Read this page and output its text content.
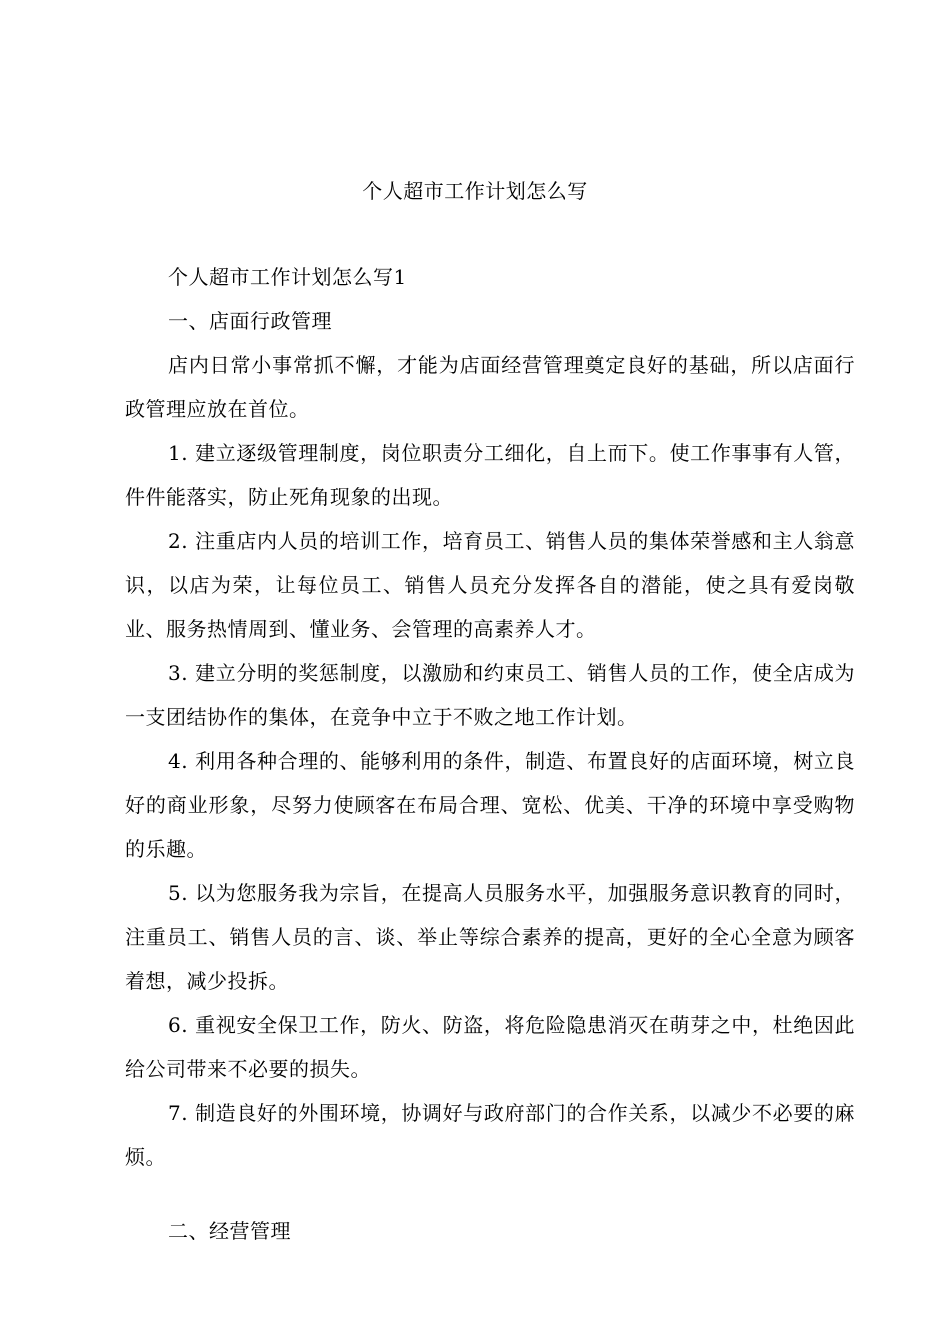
个人超市工作计划怎么写

个人超市工作计划怎么写1

一、店面行政管理

店内日常小事常抓不懈，才能为店面经营管理奠定良好的基础，所以店面行政管理应放在首位。

1. 建立逐级管理制度，岗位职责分工细化，自上而下。使工作事事有人管，件件能落实，防止死角现象的出现。

2. 注重店内人员的培训工作，培育员工、销售人员的集体荣誉感和主人翁意识，以店为荣，让每位员工、销售人员充分发挥各自的潜能，使之具有爱岗敬业、服务热情周到、懂业务、会管理的高素养人才。

3. 建立分明的奖惩制度，以激励和约束员工、销售人员的工作，使全店成为一支团结协作的集体，在竞争中立于不败之地工作计划。

4. 利用各种合理的、能够利用的条件，制造、布置良好的店面环境，树立良好的商业形象，尽努力使顾客在布局合理、宽松、优美、干净的环境中享受购物的乐趣。

5. 以为您服务我为宗旨，在提高人员服务水平，加强服务意识教育的同时，注重员工、销售人员的言、谈、举止等综合素养的提高，更好的全心全意为顾客着想，减少投拆。

6. 重视安全保卫工作，防火、防盗，将危险隐患消灭在萌芽之中，杜绝因此给公司带来不必要的损失。

7. 制造良好的外围环境，协调好与政府部门的合作关系，以减少不必要的麻烦。

二、经营管理
